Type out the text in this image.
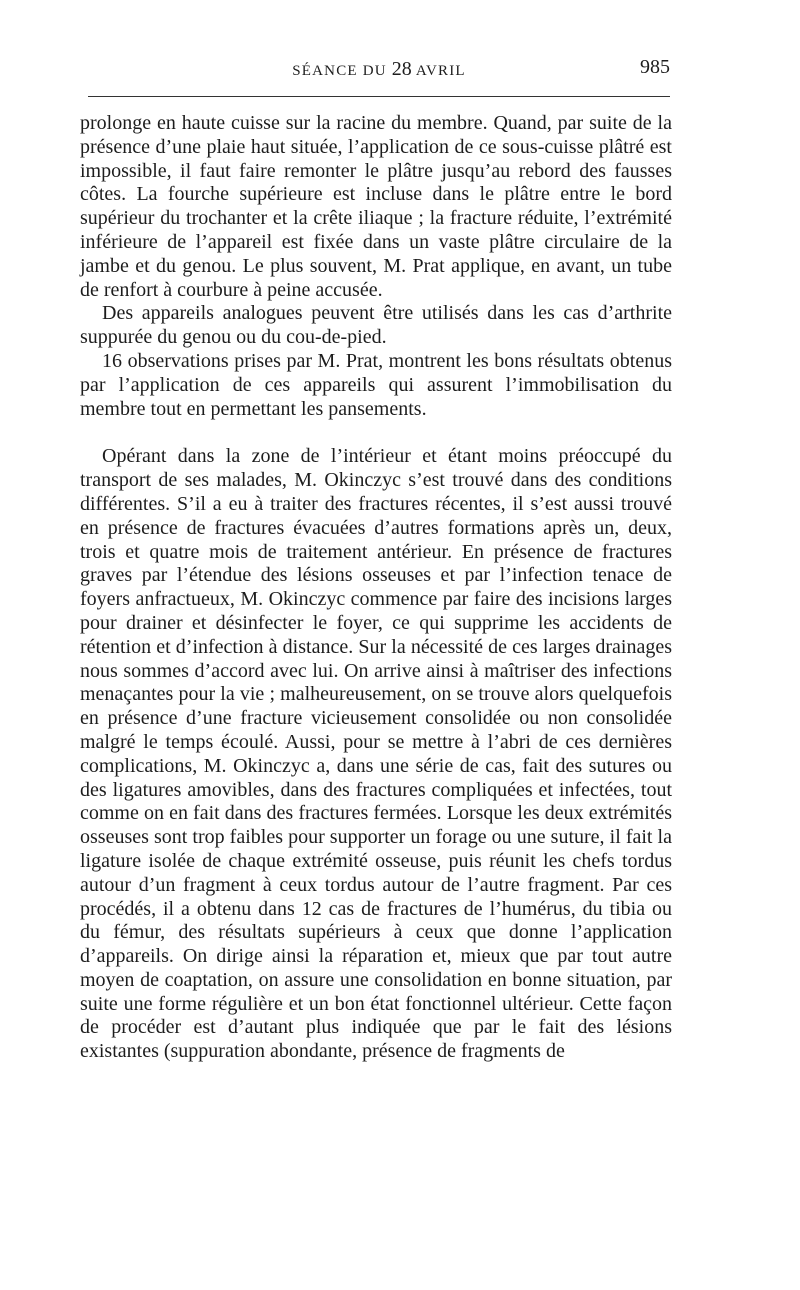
SÉANCE DU 28 AVRIL	985

prolonge en haute cuisse sur la racine du membre. Quand, par suite de la présence d’une plaie haut située, l’application de ce sous-cuisse plâtré est impossible, il faut faire remonter le plâtre jusqu’au rebord des fausses côtes. La fourche supérieure est incluse dans le plâtre entre le bord supérieur du trochanter et la crête iliaque ; la fracture réduite, l’extrémité inférieure de l’appareil est fixée dans un vaste plâtre circulaire de la jambe et du genou. Le plus souvent, M. Prat applique, en avant, un tube de renfort à courbure à peine accusée.

Des appareils analogues peuvent être utilisés dans les cas d’arthrite suppurée du genou ou du cou-de-pied.

16 observations prises par M. Prat, montrent les bons résultats obtenus par l’application de ces appareils qui assurent l’immobilisation du membre tout en permettant les pansements.

Opérant dans la zone de l’intérieur et étant moins préoccupé du transport de ses malades, M. Okinczyc s’est trouvé dans des conditions différentes. S’il a eu à traiter des fractures récentes, il s’est aussi trouvé en présence de fractures évacuées d’autres formations après un, deux, trois et quatre mois de traitement antérieur. En présence de fractures graves par l’étendue des lésions osseuses et par l’infection tenace de foyers anfractueux, M. Okinczyc commence par faire des incisions larges pour drainer et désinfecter le foyer, ce qui supprime les accidents de rétention et d’infection à distance. Sur la nécessité de ces larges drainages nous sommes d’accord avec lui. On arrive ainsi à maîtriser des infections menaçantes pour la vie ; malheureusement, on se trouve alors quelquefois en présence d’une fracture vicieusement consolidée ou non consolidée malgré le temps écoulé. Aussi, pour se mettre à l’abri de ces dernières complications, M. Okinczyc a, dans une série de cas, fait des sutures ou des ligatures amovibles, dans des fractures compliquées et infectées, tout comme on en fait dans des fractures fermées. Lorsque les deux extrémités osseuses sont trop faibles pour supporter un forage ou une suture, il fait la ligature isolée de chaque extrémité osseuse, puis réunit les chefs tordus autour d’un fragment à ceux tordus autour de l’autre fragment. Par ces procédés, il a obtenu dans 12 cas de fractures de l’humérus, du tibia ou du fémur, des résultats supérieurs à ceux que donne l’application d’appareils. On dirige ainsi la réparation et, mieux que par tout autre moyen de coaptation, on assure une consolidation en bonne situation, par suite une forme régulière et un bon état fonctionnel ultérieur. Cette façon de procéder est d’autant plus indiquée que par le fait des lésions existantes (suppuration abondante, présence de fragments de
